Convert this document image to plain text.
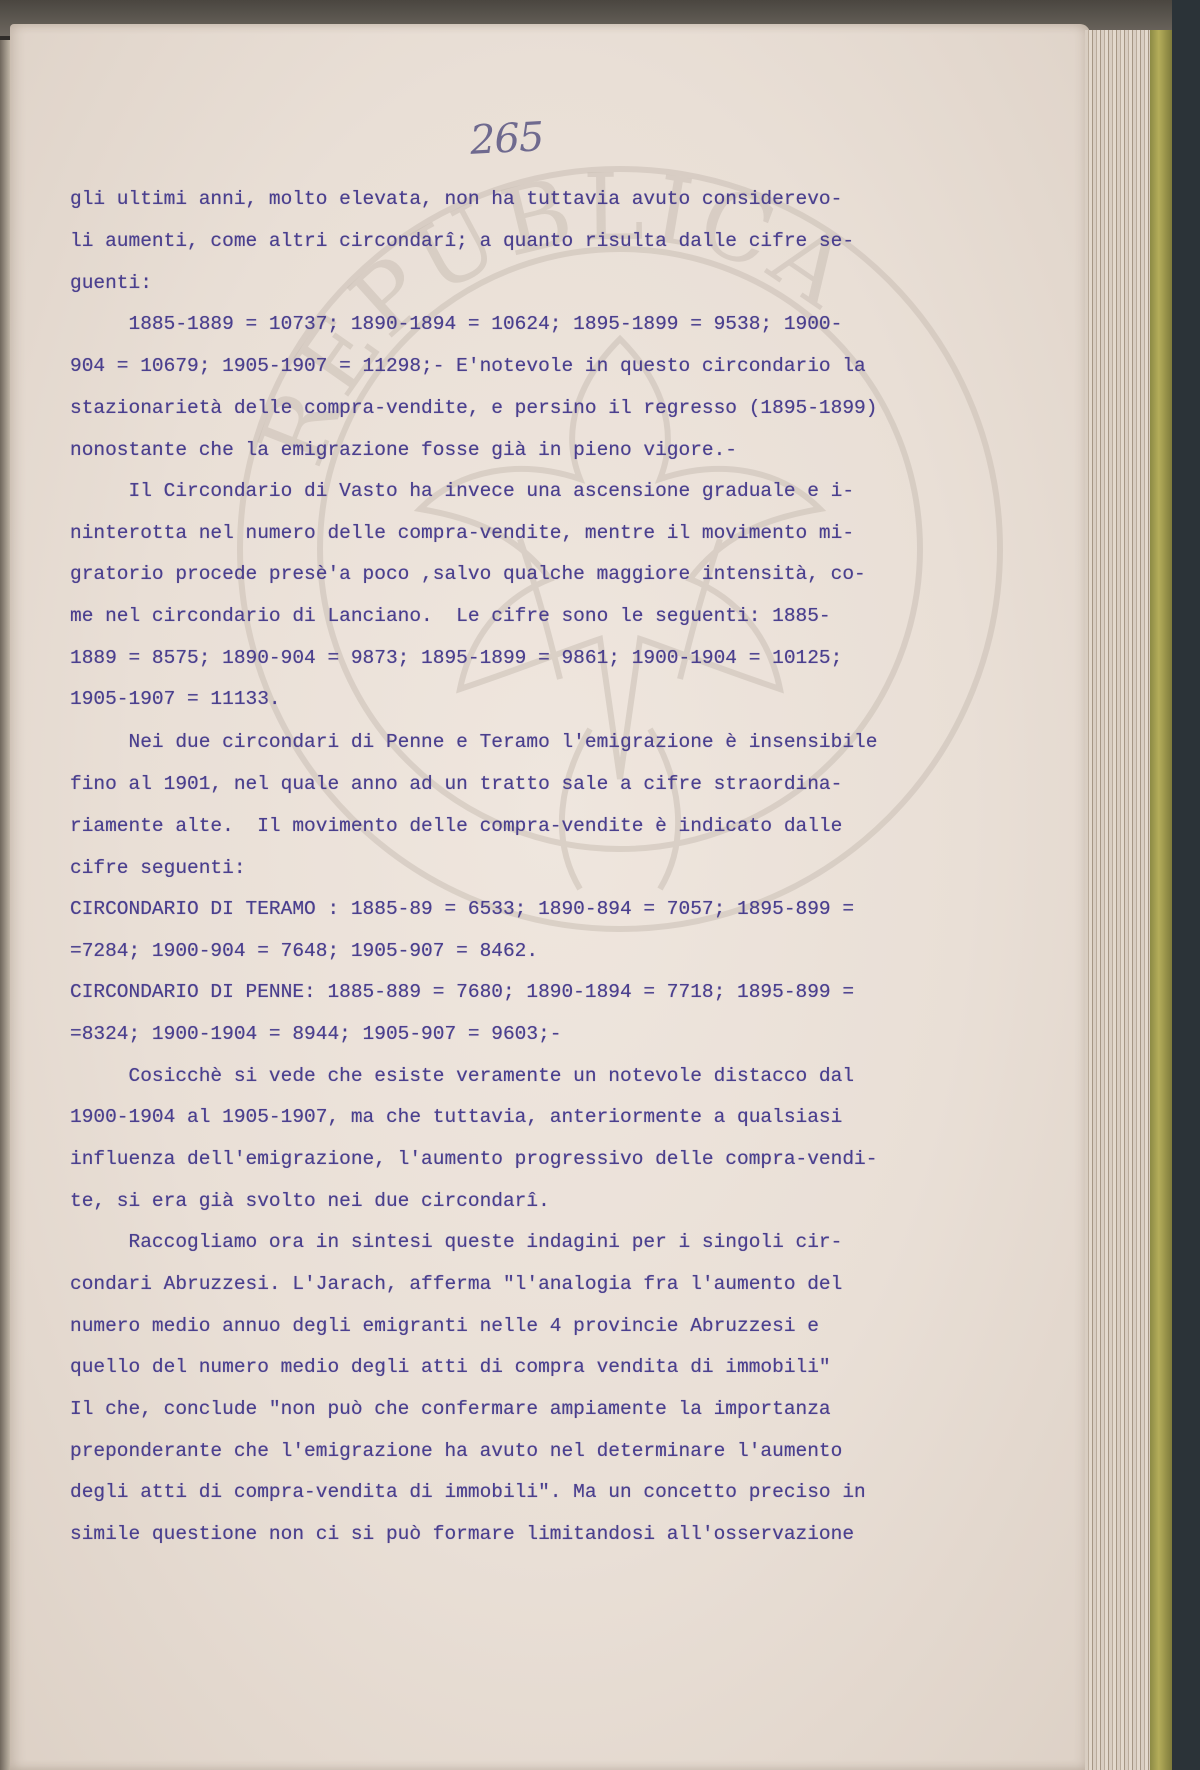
REPUBLICA
265
gli ultimi anni, molto elevata, non ha tuttavia avuto considerevo-
li aumenti, come altri circondarî; a quanto risulta dalle cifre se-
guenti:
1885-1889 = 10737; 1890-1894 = 10624; 1895-1899 = 9538; 1900-
904 = 10679; 1905-1907 = 11298;- E'notevole in questo circondario la
stazionarietà delle compra-vendite, e persino il regresso (1895-1899)
nonostante che la emigrazione fosse già in pieno vigore.-
Il Circondario di Vasto ha invece una ascensione graduale e i-
ninterotta nel numero delle compra-vendite, mentre il movimento mi-
gratorio procede presè'a poco ,salvo qualche maggiore intensità, co-
me nel circondario di Lanciano.  Le cifre sono le seguenti: 1885-
1889 = 8575; 1890-904 = 9873; 1895-1899 = 9861; 1900-1904 = 10125;
1905-1907 = 11133.
Nei due circondari di Penne e Teramo l'emigrazione è insensibile
fino al 1901, nel quale anno ad un tratto sale a cifre straordina-
riamente alte.  Il movimento delle compra-vendite è indicato dalle
cifre seguenti:
CIRCONDARIO DI TERAMO : 1885-89 = 6533; 1890-894 = 7057; 1895-899 =
=7284; 1900-904 = 7648; 1905-907 = 8462.
CIRCONDARIO DI PENNE: 1885-889 = 7680; 1890-1894 = 7718; 1895-899 =
=8324; 1900-1904 = 8944; 1905-907 = 9603;-
Cosicchè si vede che esiste veramente un notevole distacco dal
1900-1904 al 1905-1907, ma che tuttavia, anteriormente a qualsiasi
influenza dell'emigrazione, l'aumento progressivo delle compra-vendi-
te, si era già svolto nei due circondarî.
Raccogliamo ora in sintesi queste indagini per i singoli cir-
condari Abruzzesi. L'Jarach, afferma "l'analogia fra l'aumento del
numero medio annuo degli emigranti nelle 4 provincie Abruzzesi e
quello del numero medio degli atti di compra vendita di immobili"
Il che, conclude "non può che confermare ampiamente la importanza
preponderante che l'emigrazione ha avuto nel determinare l'aumento
degli atti di compra-vendita di immobili". Ma un concetto preciso in
simile questione non ci si può formare limitandosi all'osservazione
